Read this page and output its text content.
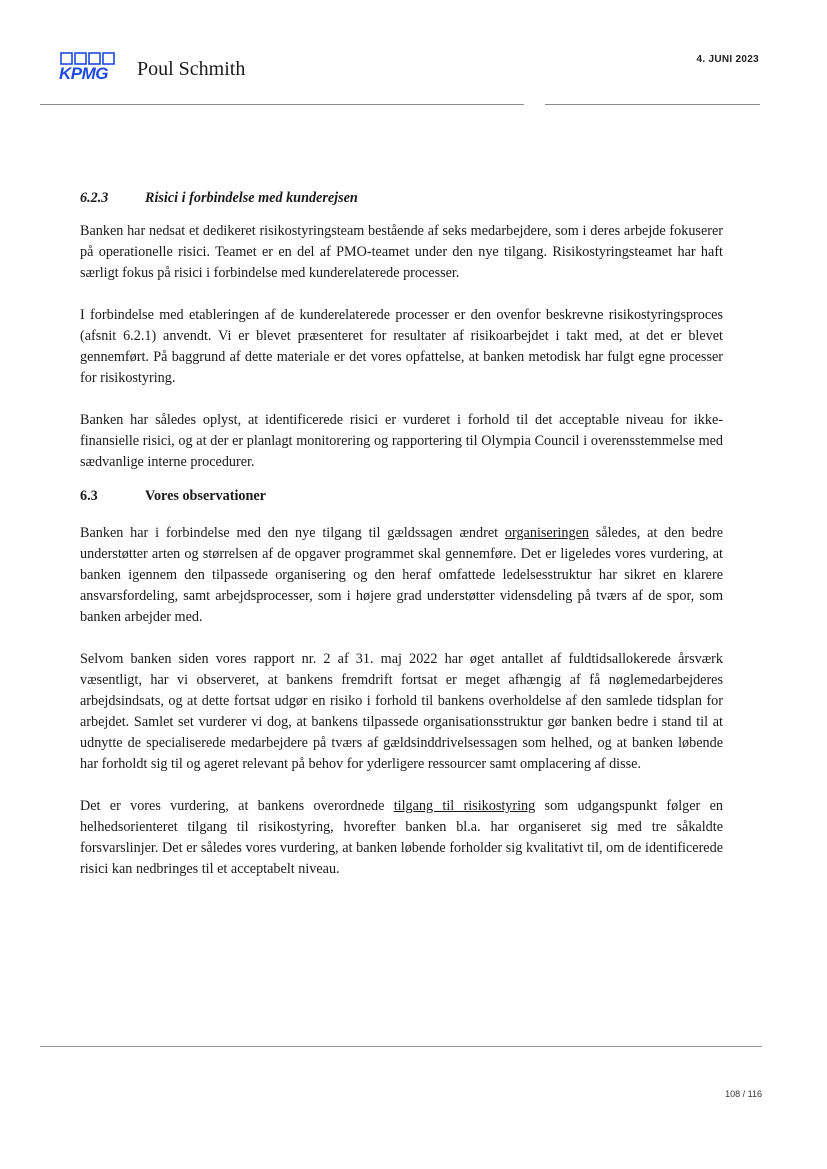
KPMG Poul Schmith	4. JUNI 2023
6.2.3	Risici i forbindelse med kunderejsen

Banken har nedsat et dedikeret risikostyringsteam bestående af seks medarbejdere, som i deres arbejde fokuserer på operationelle risici. Teamet er en del af PMO-teamet under den nye tilgang. Risikostyringsteamet har haft særligt fokus på risici i forbindelse med kunderelaterede processer.

I forbindelse med etableringen af de kunderelaterede processer er den ovenfor beskrevne risikostyringsproces (afsnit 6.2.1) anvendt. Vi er blevet præsenteret for resultater af risikoarbejdet i takt med, at det er blevet gennemført. På baggrund af dette materiale er det vores opfattelse, at banken metodisk har fulgt egne processer for risikostyring.

Banken har således oplyst, at identificerede risici er vurderet i forhold til det acceptable niveau for ikke-finansielle risici, og at der er planlagt monitorering og rapportering til Olympia Council i overensstemmelse med sædvanlige interne procedurer.

6.3	Vores observationer

Banken har i forbindelse med den nye tilgang til gældssagen ændret organiseringen således, at den bedre understøtter arten og størrelsen af de opgaver programmet skal gennemføre. Det er ligeledes vores vurdering, at banken igennem den tilpassede organisering og den heraf omfattede ledelsesstruktur har sikret en klarere ansvarsfordeling, samt arbejdsprocesser, som i højere grad understøtter vidensdeling på tværs af de spor, som banken arbejder med.

Selvom banken siden vores rapport nr. 2 af 31. maj 2022 har øget antallet af fuldtidsallokerede årsværk væsentligt, har vi observeret, at bankens fremdrift fortsat er meget afhængig af få nøglemedarbejderes arbejdsindsats, og at dette fortsat udgør en risiko i forhold til bankens overholdelse af den samlede tidsplan for arbejdet. Samlet set vurderer vi dog, at bankens tilpassede organisationsstruktur gør banken bedre i stand til at udnytte de specialiserede medarbejdere på tværs af gældsinddrivelsessagen som helhed, og at banken løbende har forholdt sig til og ageret relevant på behov for yderligere ressourcer samt omplacering af disse.

Det er vores vurdering, at bankens overordnede tilgang til risikostyring som udgangspunkt følger en helhedsorienteret tilgang til risikostyring, hvorefter banken bl.a. har organiseret sig med tre såkaldte forsvarslinjer. Det er således vores vurdering, at banken løbende forholder sig kvalitativt til, om de identificerede risici kan nedbringes til et acceptabelt niveau.

108 / 116
